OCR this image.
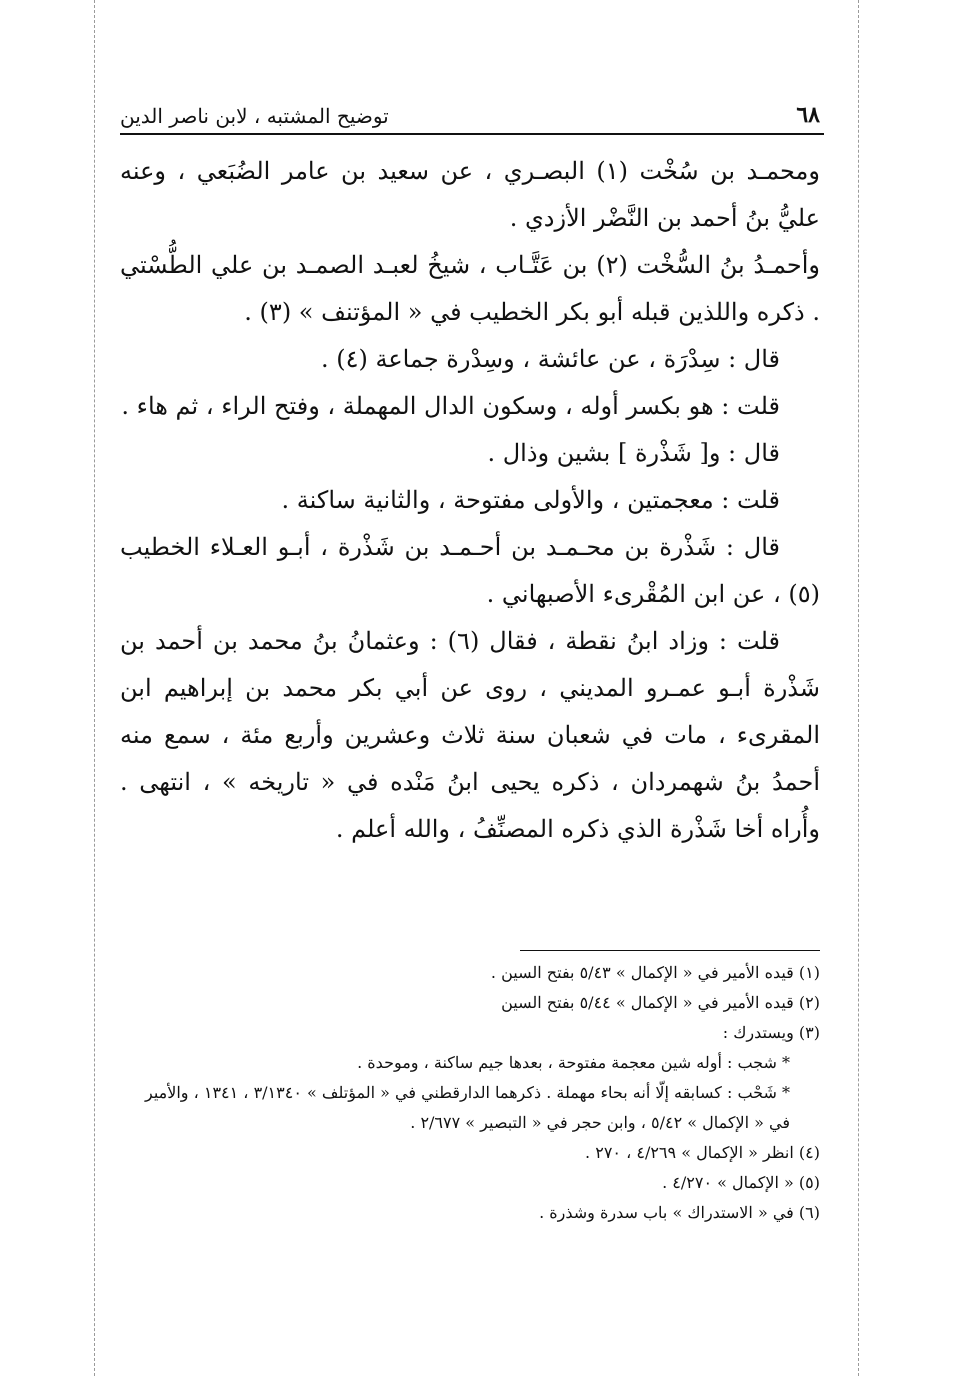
توضيح المشتبه ، لابن ناصر الدين	٦٨

ومحمـد بن سُخْت (١) البصـري ، عن سعيد بن عامر الضُبَعي ، وعنه عليُّ بنُ أحمد بن النَّضْر الأزدي .

وأحمـدُ بنُ السُّخْت (٢) بن عَتَّـاب ، شيخُ لعبـد الصمـد بن علي الطُّسْتي . ذكره واللذين قبله أبو بكر الخطيب في « المؤتنف » (٣) .

قال : سِدْرَة ، عن عائشة ، وسِدْرة جماعة (٤) .

قلت : هو بكسر أوله ، وسكون الدال المهملة ، وفتح الراء ، ثم هاء .

قال : و[ شَذْرة ] بشين وذال .

قلت : معجمتين ، والأولى مفتوحة ، والثانية ساكنة .

قال : شَذْرة بن محـمـد بن أحـمـد بن شَذْرة ، أبـو العـلاء الخطيب (٥) ، عن ابن المُقْرىء الأصبهاني .

قلت : وزاد ابنُ نقطة ، فقال (٦) : وعثمانُ بنُ محمد بن أحمد بن شَذْرة أبـو عمـرو المديني ، روى عن أبي بكر محمد بن إبراهيم ابن المقرىء ، مات في شعبان سنة ثلاث وعشرين وأربع مئة ، سمع منه أحمدُ بنُ شهمردان ، ذكره يحيى ابنُ مَنْده في « تاريخه » ، انتهى . وأُراه أخا شَذْرة الذي ذكره المصنِّفُ ، والله أعلم .

(١) قيده الأمير في « الإكمال » ٥/٤٣ بفتح السين .

(٢) قيده الأمير في « الإكمال » ٥/٤٤ بفتح السين

(٣) ويستدرك :

* شجب : أوله شين معجمة مفتوحة ، بعدها جيم ساكنة ، وموحدة .

* شَحْب : كسابقه إلّا أنه بحاء مهملة . ذكرهما الدارقطني في « المؤتلف » ٣/١٣٤٠ ، ١٣٤١ ، والأمير في « الإكمال » ٥/٤٢ ، وابن حجر في « التبصير » ٢/٦٧٧ .

(٤) انظر « الإكمال » ٤/٢٦٩ ، ٢٧٠ .

(٥) « الإكمال » ٤/٢٧٠ .

(٦) في « الاستدراك » باب سدرة وشذرة .
